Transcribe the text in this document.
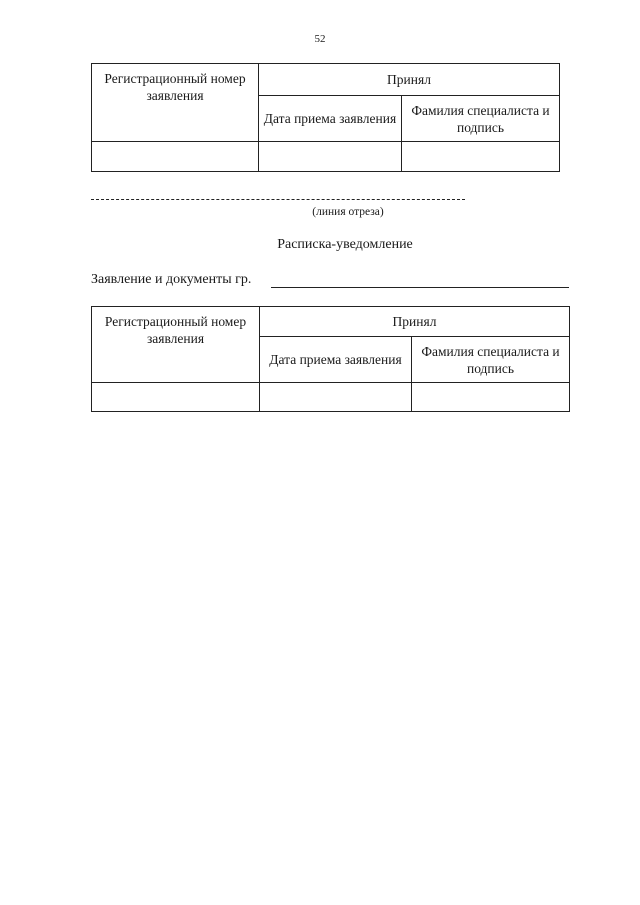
52
Регистрационный номер заявления	Принял	
	Дата приема заявления	Фамилия специалиста и подпись

(линия отреза)
Расписка-уведомление
Заявление и документы гр.
Регистрационный номер заявления	Принял	
	Дата приема заявления	Фамилия специалиста и подпись
